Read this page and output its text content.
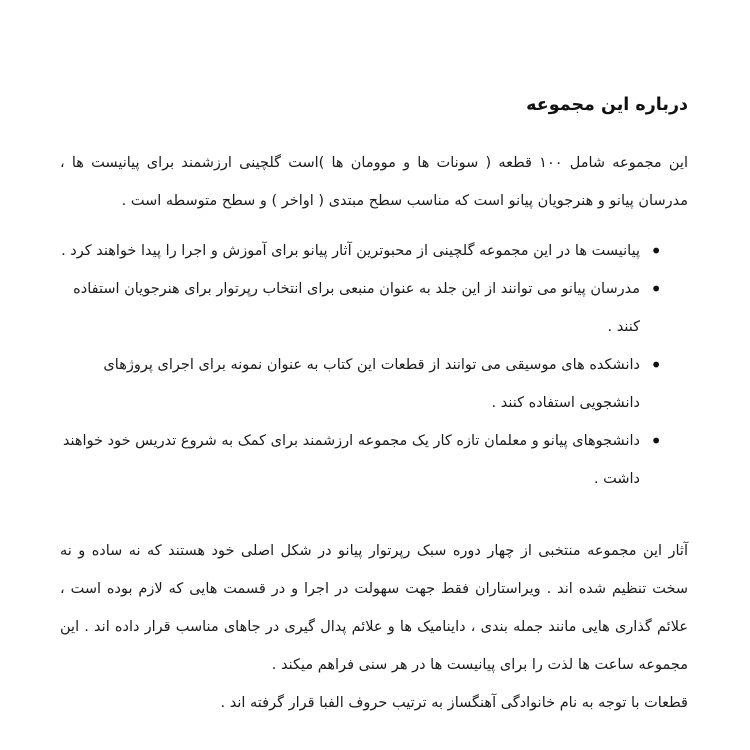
درباره این مجموعه

این مجموعه شامل ۱۰۰ قطعه ( سونات ها و موومان ها )است گلچینی ارزشمند برای پیانیست ها ، مدرسان پیانو و هنرجویان پیانو است که مناسب سطح مبتدی ( اواخر ) و سطح متوسطه است .

• پیانیست ها در این مجموعه گلچینی از محبوترین آثار پیانو برای آموزش و اجرا را پیدا خواهند کرد .
• مدرسان پیانو می توانند از این جلد به عنوان منبعی برای انتخاب رپرتوار برای هنرجویان استفاده کنند .
• دانشکده های موسیقی می توانند از قطعات این کتاب به عنوان نمونه برای اجرای پروژهای دانشجویی استفاده کنند .
• دانشجوهای پیانو و معلمان تازه کار یک مجموعه ارزشمند برای کمک به شروع تدریس خود خواهند داشت .

آثار این مجموعه منتخبی از چهار دوره سبک رپرتوار پیانو در شکل اصلی خود هستند که نه ساده و نه سخت تنظیم شده اند . ویراستاران فقط جهت سهولت در اجرا و در قسمت هایی که لازم بوده است ، علائم گذاری هایی مانند جمله بندی ، داینامیک ها و علائم پدال گیری در جاهای مناسب قرار داده اند . این مجموعه ساعت ها لذت را برای پیانیست ها در هر سنی فراهم میکند .

قطعات با توجه به نام خانوادگی آهنگساز به ترتیب حروف الفبا قرار گرفته اند .
